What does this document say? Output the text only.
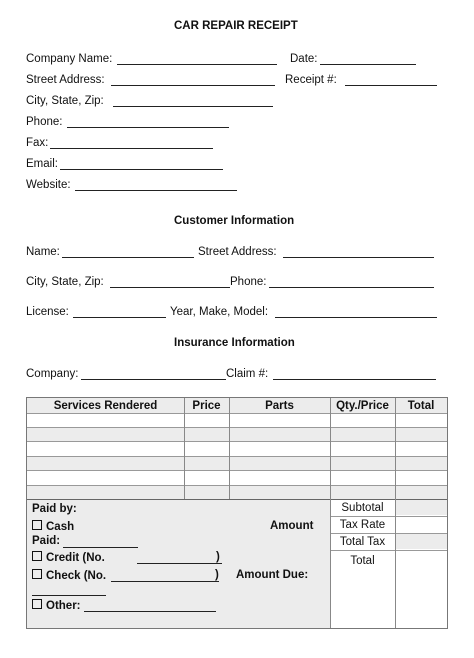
CAR REPAIR RECEIPT
Company Name:	Date:
Street Address:	Receipt #:
City, State, Zip:
Phone:
Fax:
Email:
Website:
Customer Information
Name:	Street Address:
City, State, Zip:	Phone:
License:	Year, Make, Model:
Insurance Information
Company:	Claim #:
Services Rendered	Price	Parts	Qty./Price	Total
Paid by:
Cash	Amount
Paid:
Credit (No.	)
Check (No.	) Amount Due:
Other:
Subtotal
Tax Rate
Total Tax
Total
